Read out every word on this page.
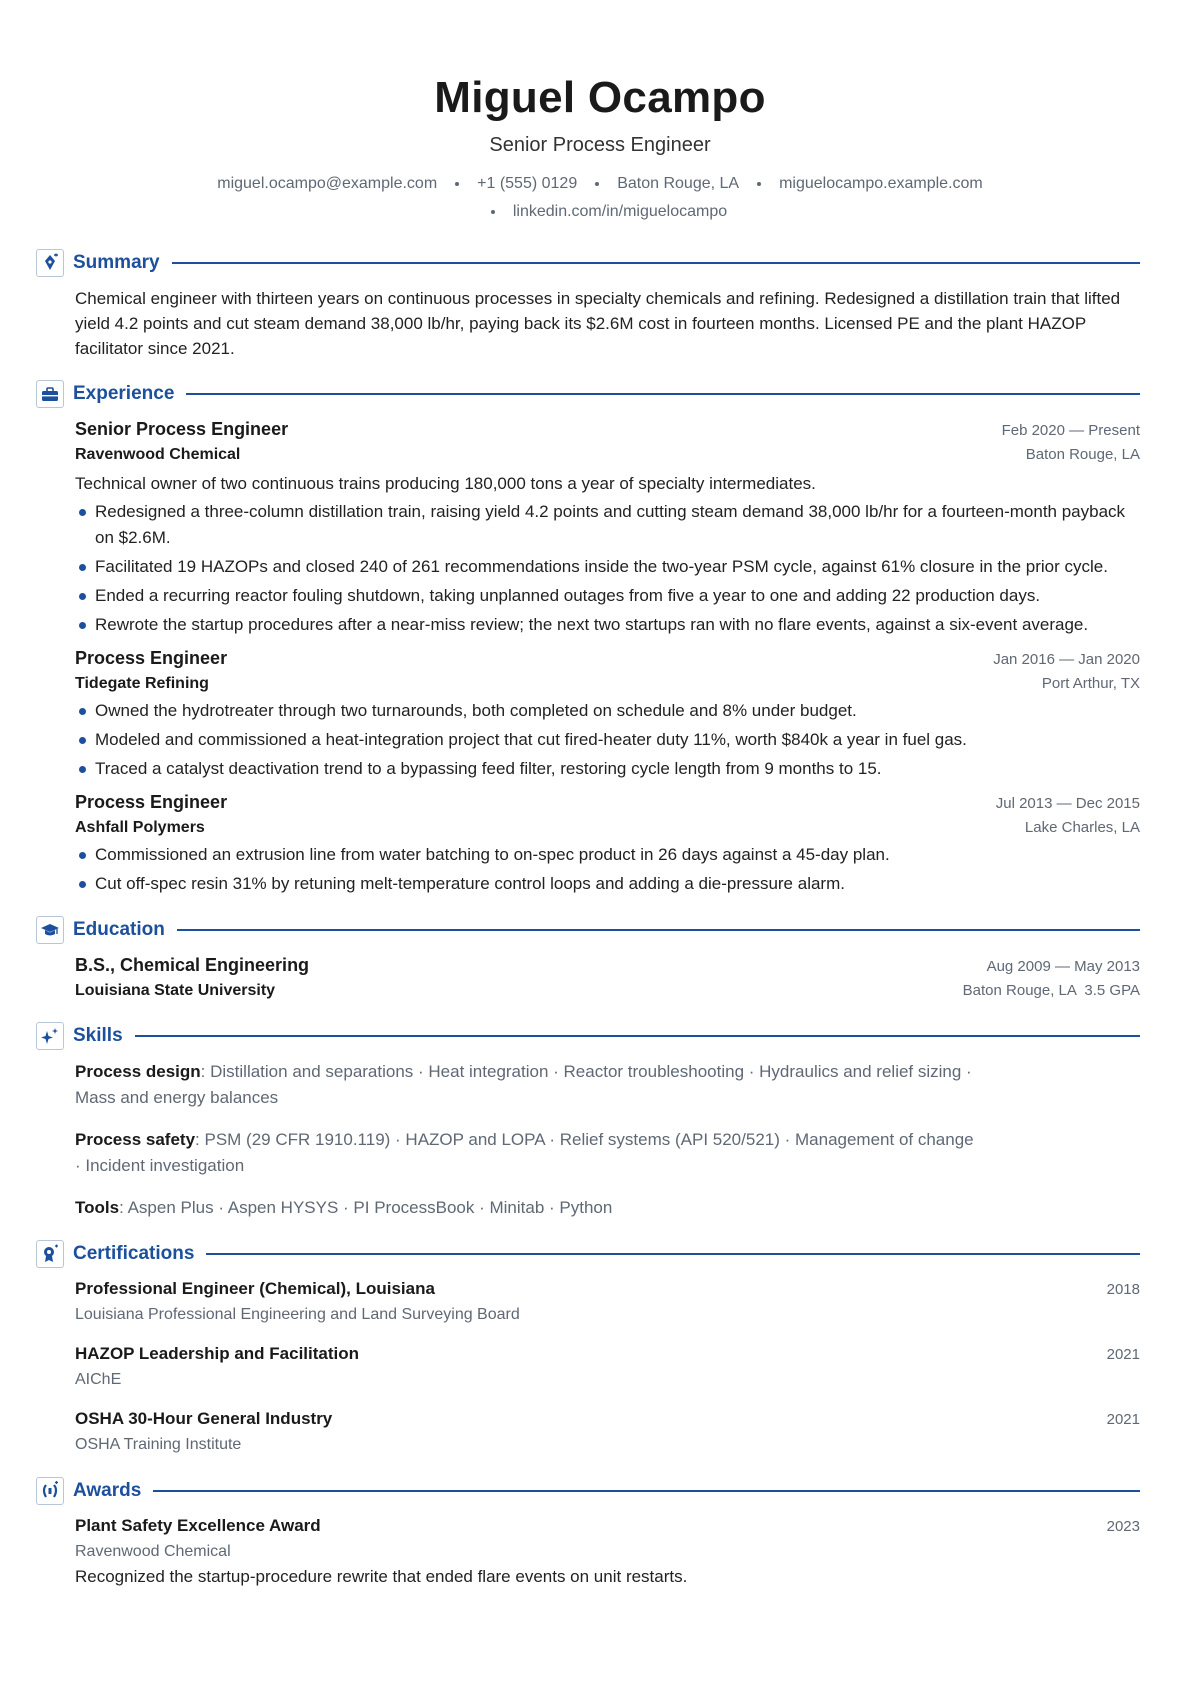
Miguel Ocampo
Senior Process Engineer
miguel.ocampo@example.com	+1 (555) 0129	Baton Rouge, LA	miguelocampo.example.com
linkedin.com/in/miguelocampo
Summary

Chemical engineer with thirteen years on continuous processes in specialty chemicals and refining. Redesigned a distillation train that lifted yield 4.2 points and cut steam demand 38,000 lb/hr, paying back its $2.6M cost in fourteen months. Licensed PE and the plant HAZOP facilitator since 2021.

Experience
Senior Process Engineer	Feb 2020 — Present
Ravenwood Chemical	Baton Rouge, LA
Technical owner of two continuous trains producing 180,000 tons a year of specialty intermediates.
Redesigned a three-column distillation train, raising yield 4.2 points and cutting steam demand 38,000 lb/hr for a fourteen-month payback on $2.6M.
Facilitated 19 HAZOPs and closed 240 of 261 recommendations inside the two-year PSM cycle, against 61% closure in the prior cycle.
Ended a recurring reactor fouling shutdown, taking unplanned outages from five a year to one and adding 22 production days.
Rewrote the startup procedures after a near-miss review; the next two startups ran with no flare events, against a six-event average.
Process Engineer	Jan 2016 — Jan 2020
Tidegate Refining	Port Arthur, TX
Owned the hydrotreater through two turnarounds, both completed on schedule and 8% under budget.
Modeled and commissioned a heat-integration project that cut fired-heater duty 11%, worth $840k a year in fuel gas.
Traced a catalyst deactivation trend to a bypassing feed filter, restoring cycle length from 9 months to 15.
Process Engineer	Jul 2013 — Dec 2015
Ashfall Polymers	Lake Charles, LA
Commissioned an extrusion line from water batching to on-spec product in 26 days against a 45-day plan.
Cut off-spec resin 31% by retuning melt-temperature control loops and adding a die-pressure alarm.
Education
B.S., Chemical Engineering	Aug 2009 — May 2013
Louisiana State University	Baton Rouge, LA  3.5 GPA
Skills
Process design: Distillation and separations · Heat integration · Reactor troubleshooting · Hydraulics and relief sizing · Mass and energy balances
Process safety: PSM (29 CFR 1910.119) · HAZOP and LOPA · Relief systems (API 520/521) · Management of change · Incident investigation
Tools: Aspen Plus · Aspen HYSYS · PI ProcessBook · Minitab · Python
Certifications
Professional Engineer (Chemical), Louisiana	2018
Louisiana Professional Engineering and Land Surveying Board
HAZOP Leadership and Facilitation	2021
AIChE
OSHA 30-Hour General Industry	2021
OSHA Training Institute
Awards
Plant Safety Excellence Award	2023
Ravenwood Chemical
Recognized the startup-procedure rewrite that ended flare events on unit restarts.
